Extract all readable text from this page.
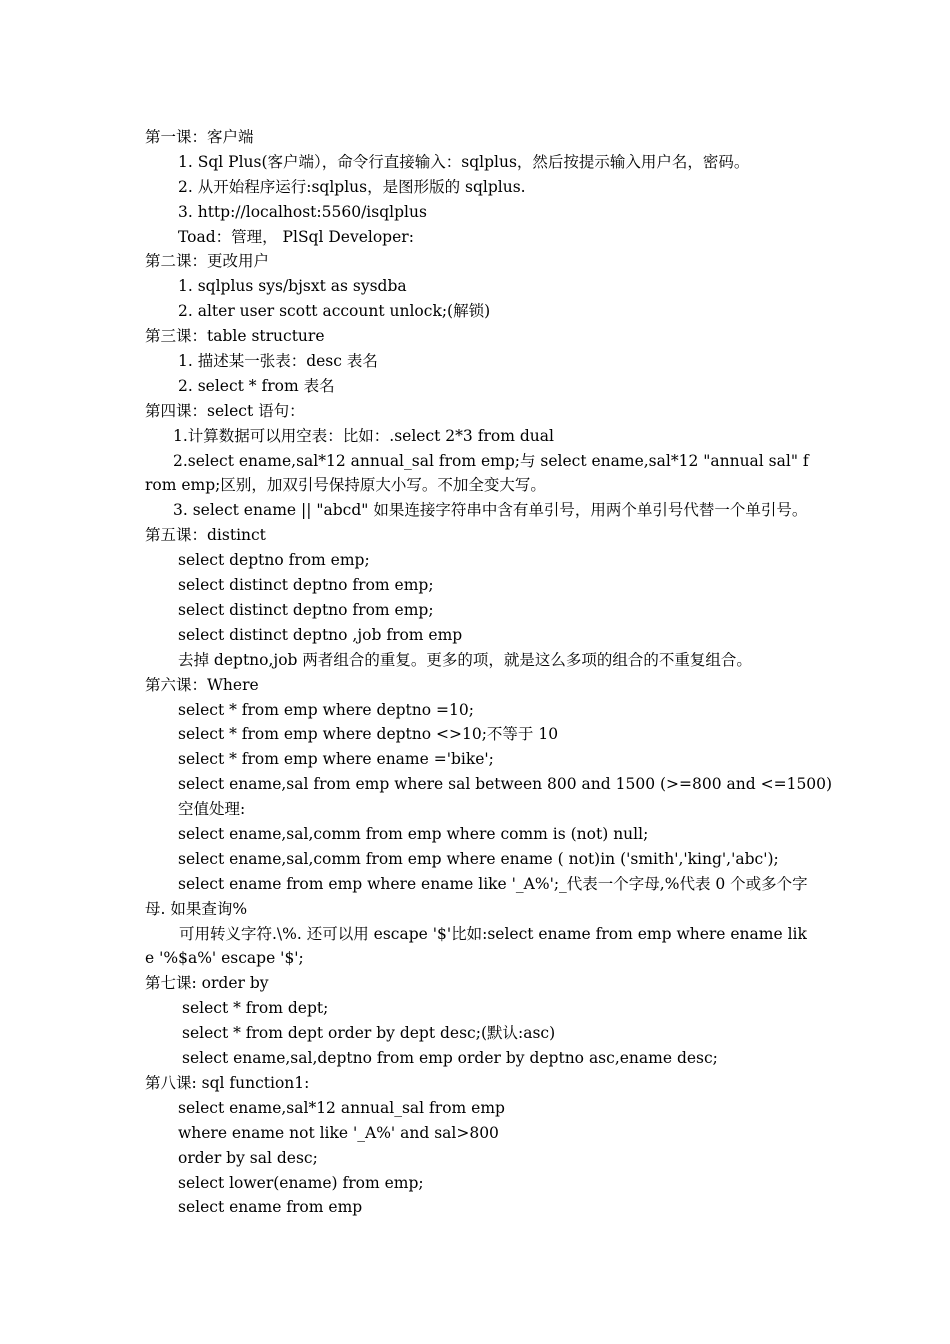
第一课：客户端
1. Sql Plus(客户端），命令行直接输入：sqlplus，然后按提示输入用户名，密码。
2. 从开始程序运行:sqlplus，是图形版的 sqlplus.
3. http://localhost:5560/isqlplus
Toad：管理， PlSql Developer:
第二课：更改用户
1. sqlplus sys/bjsxt as sysdba
2. alter user scott account unlock;(解锁)
第三课：table structure
1. 描述某一张表：desc 表名
2. select * from 表名
第四课：select 语句：
1.计算数据可以用空表：比如：.select 2*3 from dual
2.select ename,sal*12 annual_sal from emp;与 select ename,sal*12 "annual sal" from emp;区别，加双引号保持原大小写。不加全变大写。
3. select ename || "abcd" 如果连接字符串中含有单引号，用两个单引号代替一个单引号。
第五课：distinct
select deptno from emp;
select distinct deptno from emp;
select distinct deptno from emp;
select distinct deptno ,job from emp
去掉 deptno,job 两者组合的重复。更多的项，就是这么多项的组合的不重复组合。
第六课：Where
select * from emp where deptno =10;
select * from emp where deptno <>10;不等于 10
select * from emp where ename ='bike';
select ename,sal from emp where sal between 800 and 1500 (>=800 and <=1500)
空值处理:
select ename,sal,comm from emp where comm is (not) null;
select ename,sal,comm from emp where ename ( not)in ('smith','king','abc');
select ename from emp where ename like '_A%';_代表一个字母,%代表 0 个或多个字母. 如果查询%
可用转义字符.\%. 还可以用 escape '$'比如:select ename from emp where ename like '%$a%' escape '$';
第七课: order by
select * from dept;
select * from dept order by dept desc;(默认:asc)
select ename,sal,deptno from emp order by deptno asc,ename desc;
第八课: sql function1:
select ename,sal*12 annual_sal from emp
where ename not like '_A%' and sal>800
order by sal desc;
select lower(ename) from emp;
select ename from emp
